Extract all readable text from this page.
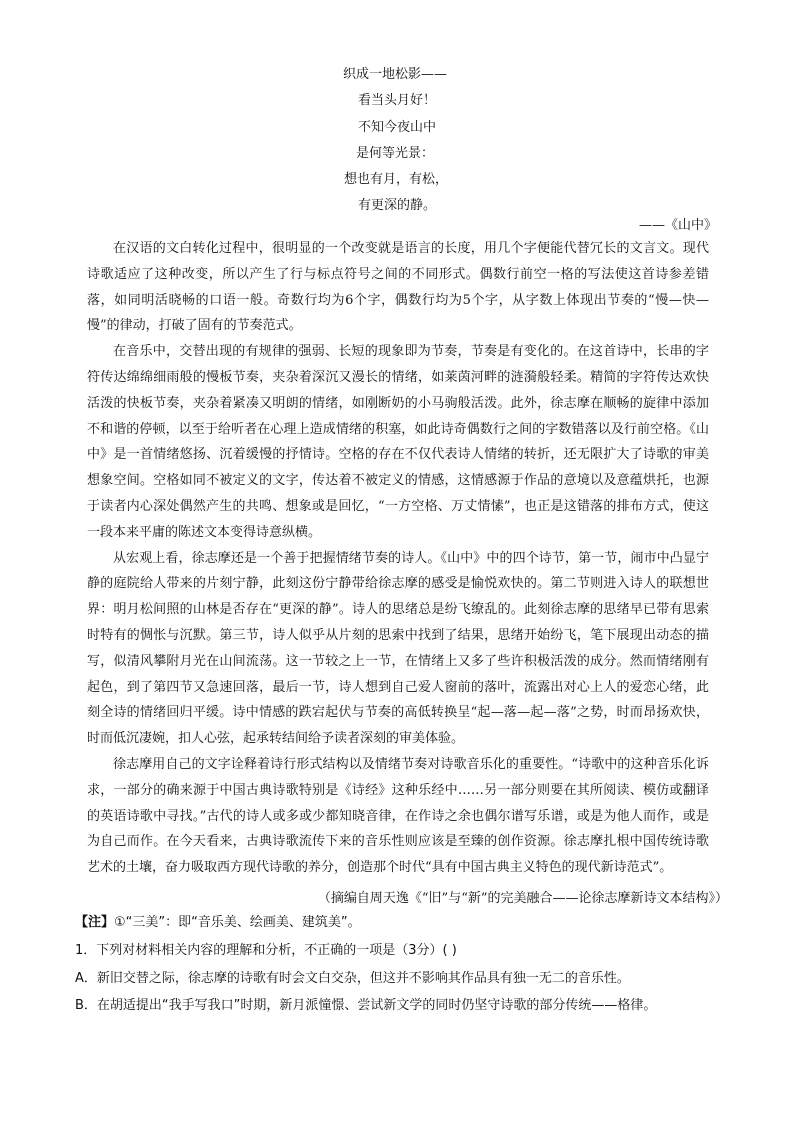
织成一地松影——
看当头月好！
不知今夜山中
是何等光景：
想也有月，有松，
有更深的静。
——《山中》

在汉语的文白转化过程中，很明显的一个改变就是语言的长度，用几个字便能代替冗长的文言文。现代诗歌适应了这种改变，所以产生了行与标点符号之间的不同形式。偶数行前空一格的写法使这首诗参差错落，如同明活晓畅的口语一般。奇数行均为6个字，偶数行均为5个字，从字数上体现出节奏的“慢—快—慢”的律动，打破了固有的节奏范式。

在音乐中，交替出现的有规律的强弱、长短的现象即为节奏，节奏是有变化的。在这首诗中，长串的字符传达绵绵细雨般的慢板节奏，夹杂着深沉又漫长的情绪，如莱茵河畔的涟漪般轻柔。精简的字符传达欢快活泼的快板节奏，夹杂着紧凑又明朗的情绪，如刚断奶的小马驹般活泼。此外，徐志摩在顺畅的旋律中添加不和谐的停顿，以至于给听者在心理上造成情绪的积塞，如此诗奇偶数行之间的字数错落以及行前空格。《山中》是一首情绪悠扬、沉着缓慢的抒情诗。空格的存在不仅代表诗人情绪的转折，还无限扩大了诗歌的审美想象空间。空格如同不被定义的文字，传达着不被定义的情感，这情感源于作品的意境以及意蕴烘托，也源于读者内心深处偶然产生的共鸣、想象或是回忆，“一方空格、万丈情愫”，也正是这错落的排布方式，使这一段本来平庸的陈述文本变得诗意纵横。

从宏观上看，徐志摩还是一个善于把握情绪节奏的诗人。《山中》中的四个诗节，第一节，闹市中凸显宁静的庭院给人带来的片刻宁静，此刻这份宁静带给徐志摩的感受是愉悦欢快的。第二节则进入诗人的联想世界：明月松间照的山林是否存在“更深的静”。诗人的思绪总是纷飞缭乱的。此刻徐志摩的思绪早已带有思索时特有的惆怅与沉默。第三节，诗人似乎从片刻的思索中找到了结果，思绪开始纷飞，笔下展现出动态的描写，似清风攀附月光在山间流荡。这一节较之上一节，在情绪上又多了些许积极活泼的成分。然而情绪刚有起色，到了第四节又急速回落，最后一节，诗人想到自己爱人窗前的落叶，流露出对心上人的爱恋心绪，此刻全诗的情绪回归平缓。诗中情感的跌宕起伏与节奏的高低转换呈“起—落—起—落”之势，时而昂扬欢快，时而低沉凄婉，扣人心弦，起承转结间给予读者深刻的审美体验。

徐志摩用自己的文字诠释着诗行形式结构以及情绪节奏对诗歌音乐化的重要性。“诗歌中的这种音乐化诉求，一部分的确来源于中国古典诗歌特别是《诗经》这种乐经中……另一部分则要在其所阅读、模仿或翻译的英语诗歌中寻找。”古代的诗人或多或少都知晓音律，在作诗之余也偶尔谱写乐谱，或是为他人而作，或是为自己而作。在今天看来，古典诗歌流传下来的音乐性则应该是至臻的创作资源。徐志摩扎根中国传统诗歌艺术的土壤，奋力吸取西方现代诗歌的养分，创造那个时代“具有中国古典主义特色的现代新诗范式”。

（摘编自周天逸《“旧”与“新”的完美融合——论徐志摩新诗文本结构》）
【注】①“三美”：即“音乐美、绘画美、建筑美”。
1．下列对材料相关内容的理解和分析，不正确的一项是（3分）( )
A．新旧交替之际，徐志摩的诗歌有时会文白交杂，但这并不影响其作品具有独一无二的音乐性。
B．在胡适提出“我手写我口”时期，新月派憧憬、尝试新文学的同时仍坚守诗歌的部分传统——格律。
